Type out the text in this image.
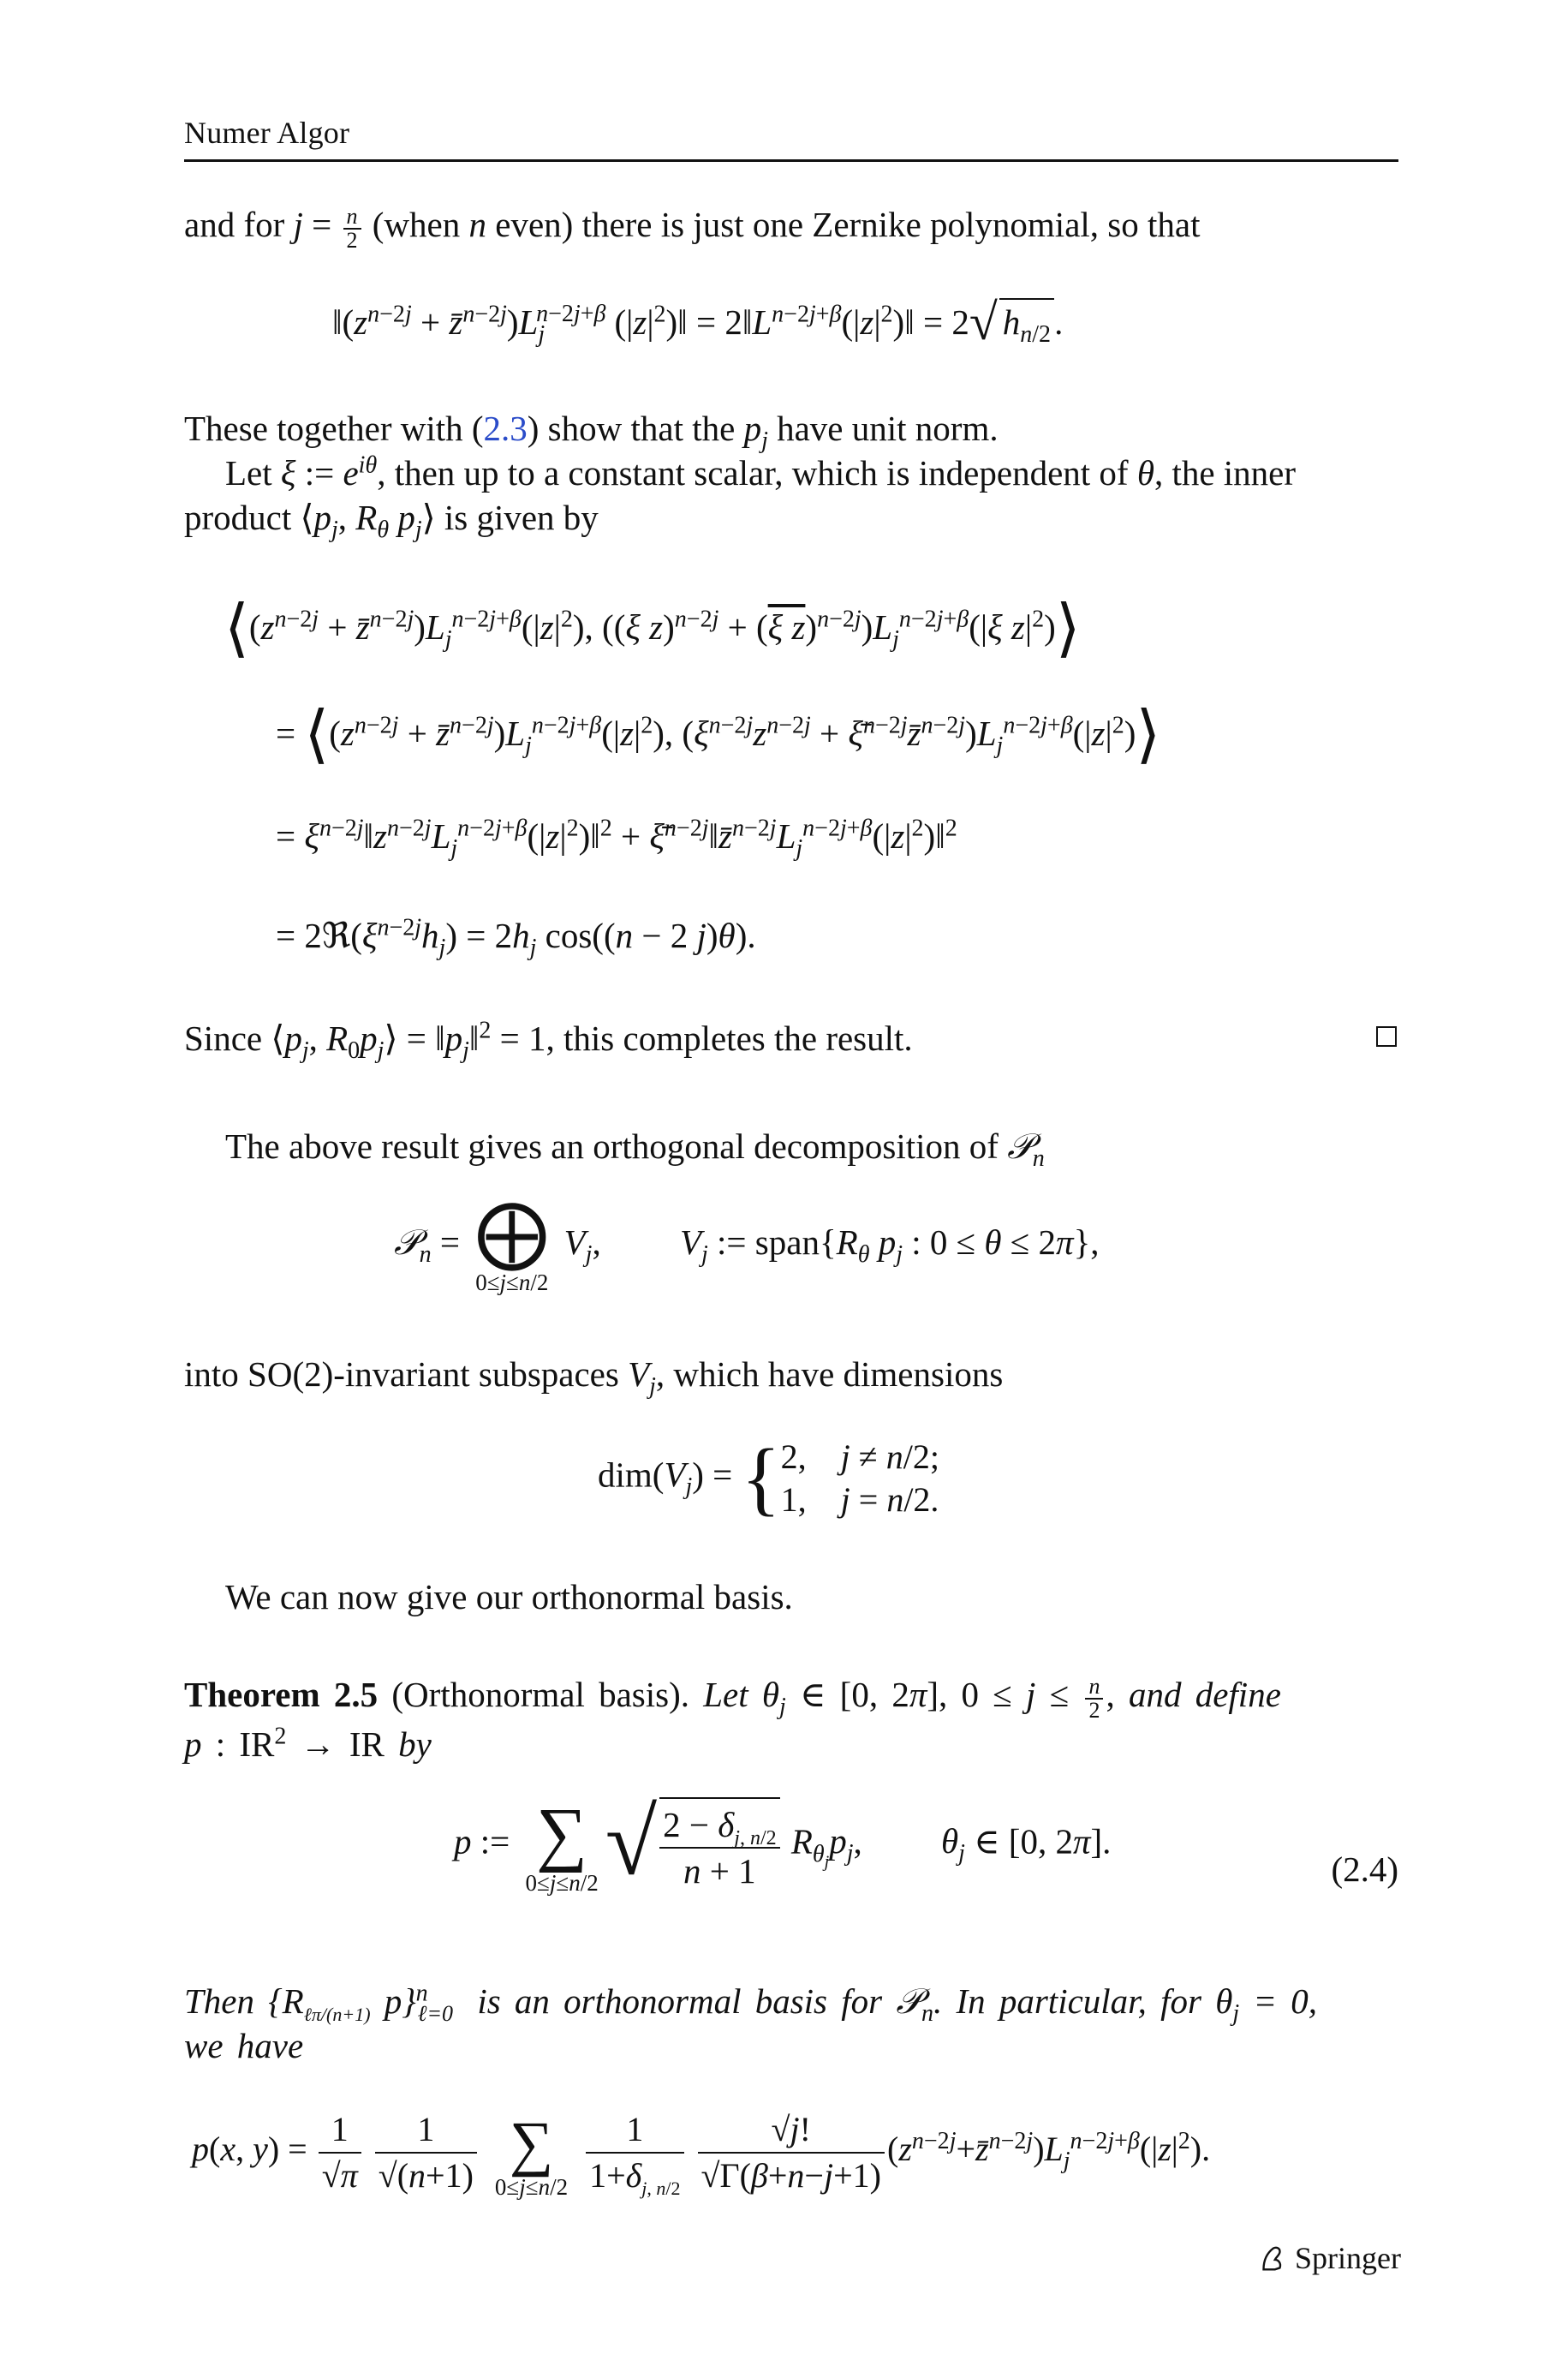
Numer Algor
and for $j = \frac{n}{2}$ (when n even) there is just one Zernike polynomial, so that
$‖(z^{n-2j}$ + $z̄^{n-2j})L_j^{n-2j+\beta}$ $(|z|^2)‖$ = $2‖L^{n-2j+\beta}(|z|^2)‖ = 2√$ $h_{n/2}$.
These together with (2.3) show that the $p_j$ have unit norm.
Let ξ := $e^{i\theta}$, then up to a constant scalar, which is independent of θ, the inner product $⟨p_j$, $R_\theta$ $p_j⟩$ is given by
$⟨(z^{n-2j}$ + $z̄^{n-2j})L_j^{n-2j+\beta}(|z|^2)$, ((ξ z)$^{n-2j}$ + (ξ $z)^{n-2j})L_j^{n-2j+\beta}(|\xi$ $z|^2)⟩$
= $⟨(z^{n-2j}$ + $z̄^{n-2j})L_j^{n-2j+\beta}(|z|^2)$, ($\xi^{n-2j}z^{n-2j}$ + $\xī^{n-2j}z̄^{n-2j})L_j^{n-2j+\beta}(|z|^2)⟩$
= $\xi^{n-2j}‖z^{n-2j}L_j^{n-2j+\beta}(|z|^2)‖^2$ + $\xī^{n-2j}‖z̄^{n-2j}L_j^{n-2j+\beta}(|z|^2)‖^2$
= $2ℜ(\xi^{n-2j}h_j) = 2h_j$ cos((n − 2 j)θ).
Since $⟨p_j$, $R_0p_j⟩$ = $‖p_j‖^2 = 1$, this completes the result.
The above result gives an orthogonal decomposition of 𝒫$_n$
𝒫$_n$ = ⨁
0≤j≤n/2
$V_j$,         $V_j$ := $span\{R_\theta$ $p_j$ : 0 ≤ θ ≤ 2π},
into SO(2)-invariant subspaces $V_j$, which have dimensions
$dim(V_j) = \{2$,    j ≠ n/2;
1,    j = n/2.
We can now give our orthonormal basis.
Theorem 2.5 (Orthonormal basis). Let $\theta_j$ ∈ [0, 2π], $0 \le j \le \frac{n}{2}$ , and define
p : $IR^2$ → IR by
p := ∑
0≤j≤n/2 √ $\frac{2 - \delta_{j, n/2}}{n + 1} R_{\theta_j}p_j$,         $\theta_j$ ∈ [0, 2π].
(2.4)
Then {$R_{\ell\pi/(n+1)}$ p}$^n_{\ell=0}$ is an orthonormal basis for 𝒫$_n$. In particular, for $\theta_j = 0$,
we have
p(x, $y) = \frac{1}{√\pi}$
$\frac{1}{√(n+1)}$
∑
0≤j≤n/2
$\frac{1}{1+\delta_{j, n/2}}$
$\frac{√j!}{√\Gamma(\beta+n-j+1)}$ $(z^{n-2j}+z̄^{n-2j})L_j^{n-2j+\beta}(|z|^2)$.
Springer
